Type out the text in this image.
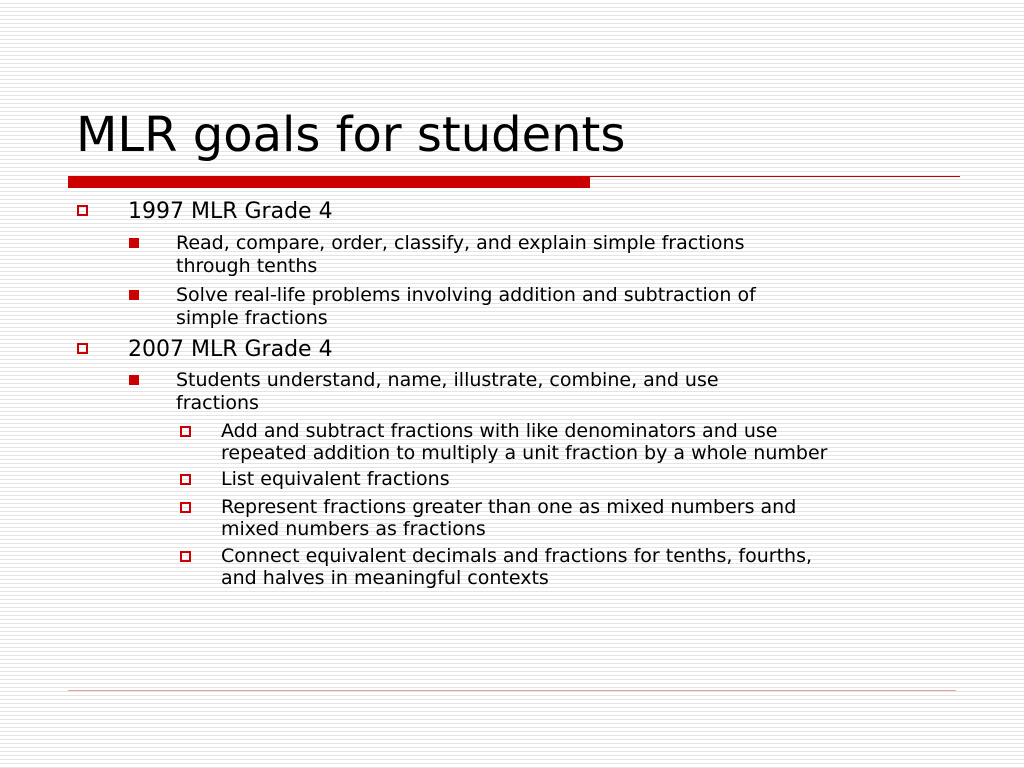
MLR goals for students
1997 MLR Grade 4
Read, compare, order, classify, and explain simple fractions
through tenths
Solve real-life problems involving addition and subtraction of
simple fractions
2007 MLR Grade 4
Students understand, name, illustrate, combine, and use
fractions
Add and subtract fractions with like denominators and use
repeated addition to multiply a unit fraction by a whole number
List equivalent fractions
Represent fractions greater than one as mixed numbers and
mixed numbers as fractions
Connect equivalent decimals and fractions for tenths, fourths,
and halves in meaningful contexts
